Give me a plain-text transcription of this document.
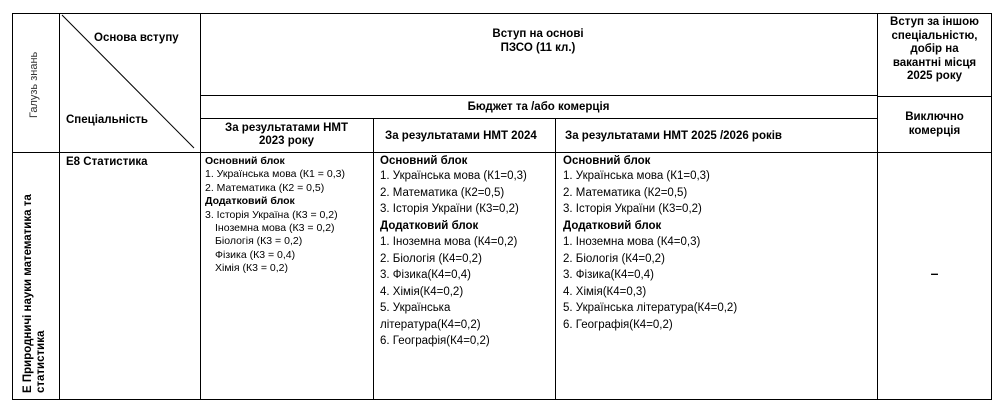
Галузь знань
Основа вступу
Спеціальність
Вступ на основі
ПЗСО (11 кл.)
Вступ за іншою
спеціальністю,
добір на
вакантні місця
2025 року
Бюджет та /або комерція
Виключно
комерція
За результатами НМТ
2023 року	За результатами НМТ 2024 За результатами НМТ 2025 /2026 років
Е Природничі науки математика та статистика
Е8 Статистика	Основний блок
1. Українська мова (К1 = 0,3)
2. Математика (К2 = 0,5)
Додатковий блок
3. Історія Україна (К3 = 0,2)
Іноземна мова (К3 = 0,2)
Біологія (К3 = 0,2)
Фізика (К3 = 0,4)
Хімія (К3 = 0,2)
Основний блок
1. Українська мова (К1=0,3)
2. Математика (К2=0,5)
3. Історія України (К3=0,2)
Додатковий блок
1. Іноземна мова (К4=0,2)
2. Біологія (К4=0,2)
3. Фізика(К4=0,4)
4. Хімія(К4=0,2)
5. Українська
література(К4=0,2)
6. Географія(К4=0,2)
Основний блок
1. Українська мова (К1=0,3)
2. Математика (К2=0,5)
3. Історія України (К3=0,2)
Додатковий блок
1. Іноземна мова (К4=0,3)
2. Біологія (К4=0,2)
3. Фізика(К4=0,4)
4. Хімія(К4=0,3)
5. Українська література(К4=0,2)
6. Географія(К4=0,2)
–
